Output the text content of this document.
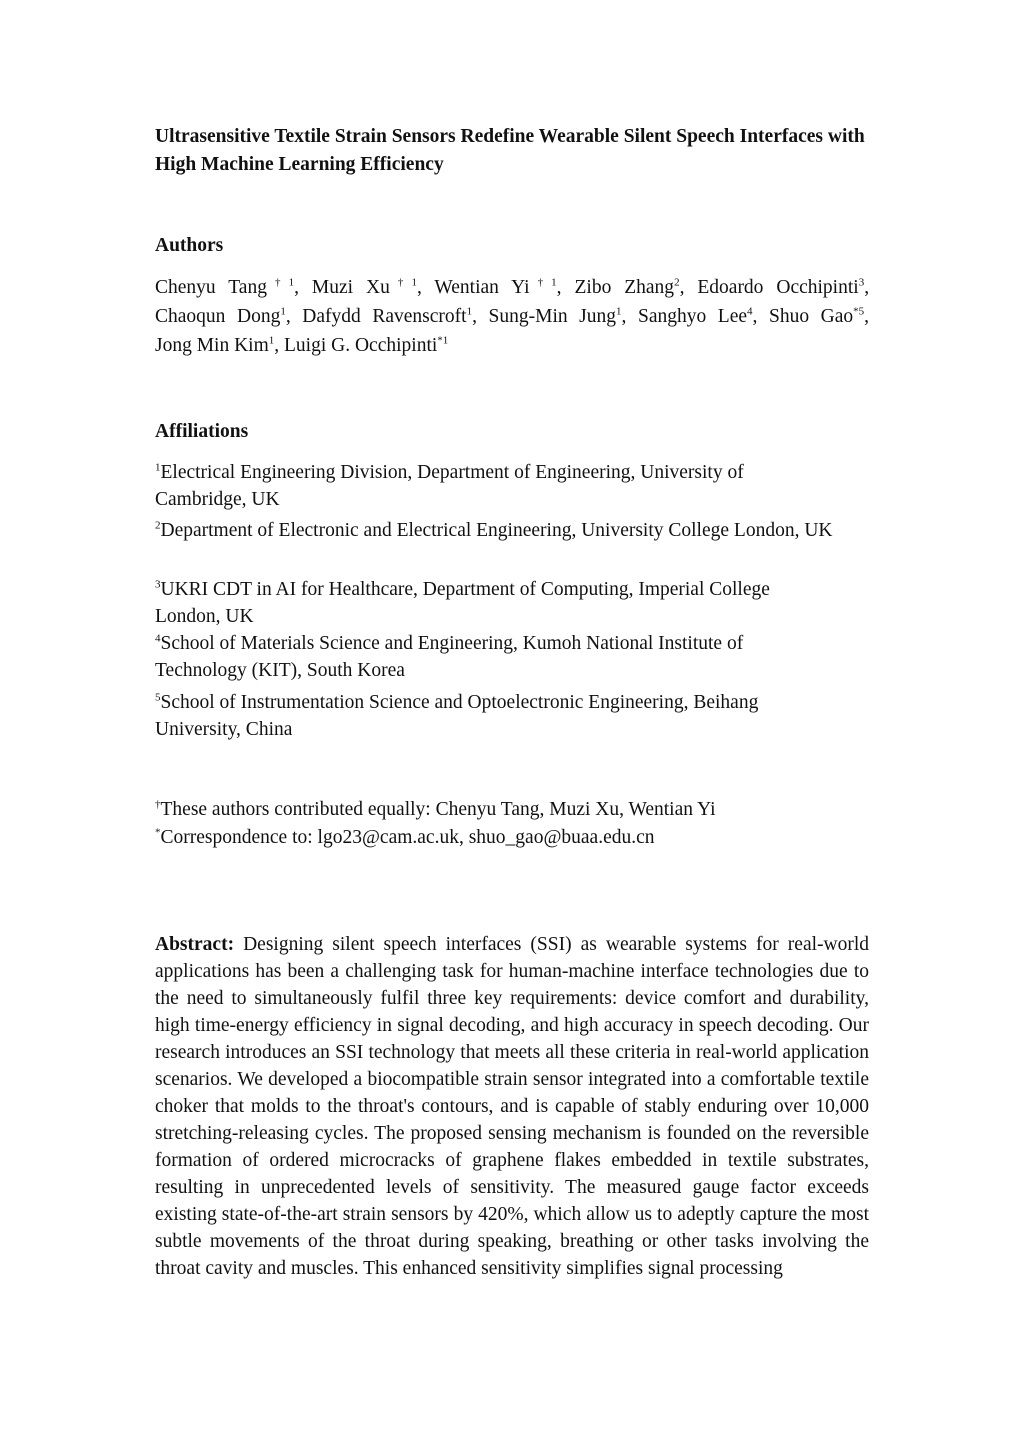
Ultrasensitive Textile Strain Sensors Redefine Wearable Silent Speech Interfaces with High Machine Learning Efficiency
Authors

Chenyu Tang$^{\dagger 1}$, Muzi Xu$^{\dagger 1}$, Wentian Yi$^{\dagger 1}$, Zibo Zhang$^2$, Edoardo Occhipinti$^3$, Chaoqun Dong$^1$, Dafydd Ravenscroft$^1$, Sung-Min Jung$^1$, Sanghyo Lee$^4$, Shuo Gao$^{*5}$, Jong Min Kim$^1$, Luigi G. Occhipinti$^{*1}$

Affiliations

$^1$Electrical Engineering Division, Department of Engineering, University of Cambridge, UK

$^2$Department of Electronic and Electrical Engineering, University College London, UK

$^3$UKRI CDT in AI for Healthcare, Department of Computing, Imperial College London, UK

$^4$School of Materials Science and Engineering, Kumoh National Institute of Technology (KIT), South Korea

$^5$School of Instrumentation Science and Optoelectronic Engineering, Beihang University, China

†These authors contributed equally: Chenyu Tang, Muzi Xu, Wentian Yi

*Correspondence to: lgo23@cam.ac.uk, shuo_gao@buaa.edu.cn

Abstract: Designing silent speech interfaces (SSI) as wearable systems for real-world applications has been a challenging task for human-machine interface technologies due to the need to simultaneously fulfil three key requirements: device comfort and durability, high time-energy efficiency in signal decoding, and high accuracy in speech decoding. Our research introduces an SSI technology that meets all these criteria in real-world application scenarios. We developed a biocompatible strain sensor integrated into a comfortable textile choker that molds to the throat's contours, and is capable of stably enduring over 10,000 stretching-releasing cycles. The proposed sensing mechanism is founded on the reversible formation of ordered microcracks of graphene flakes embedded in textile substrates, resulting in unprecedented levels of sensitivity. The measured gauge factor exceeds existing state-of-the-art strain sensors by 420%, which allow us to adeptly capture the most subtle movements of the throat during speaking, breathing or other tasks involving the throat cavity and muscles. This enhanced sensitivity simplifies signal processing
